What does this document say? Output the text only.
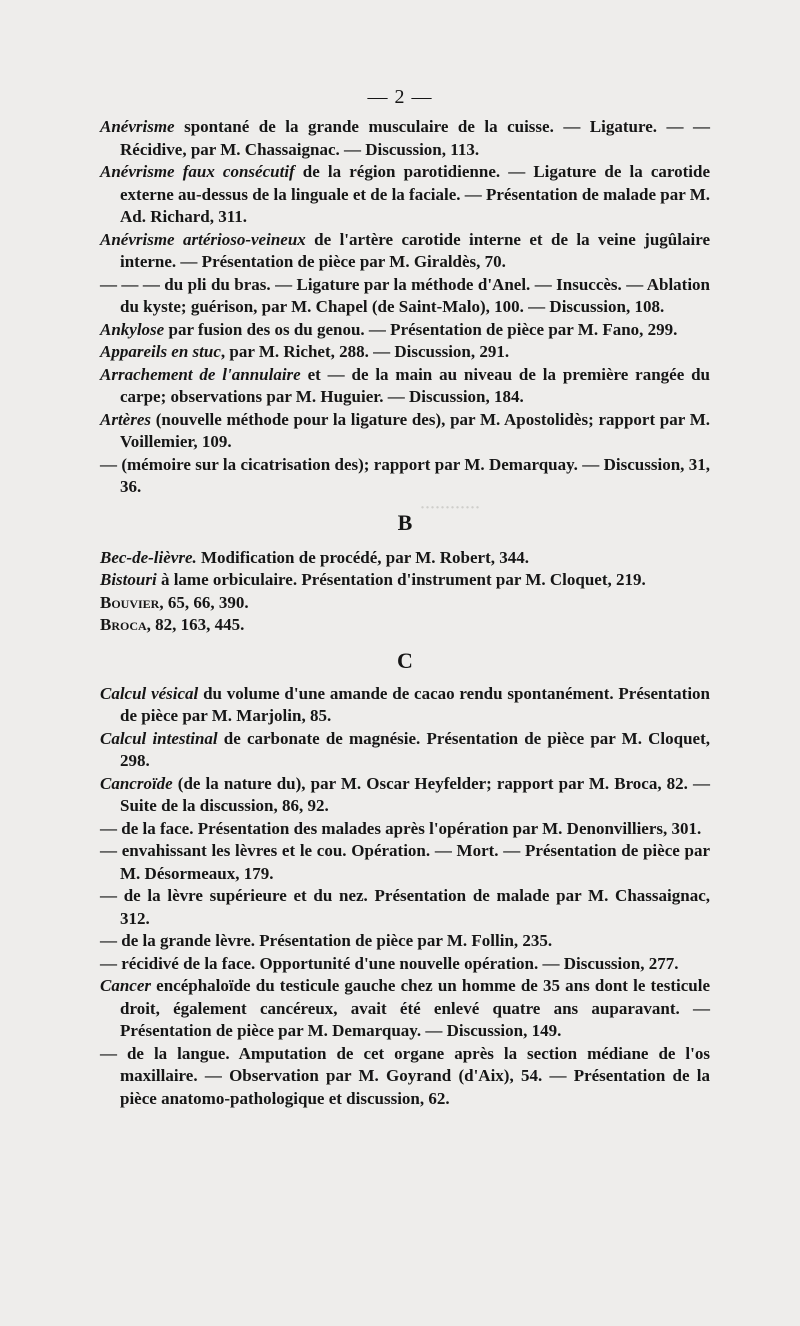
— 2 —
············

Anévrisme spontané de la grande musculaire de la cuisse. — Ligature. — — Récidive, par M. Chassaignac. — Discussion, 113.

Anévrisme faux consécutif de la région parotidienne. — Ligature de la carotide externe au-dessus de la linguale et de la faciale. — Présentation de malade par M. Ad. Richard, 311.

Anévrisme artérioso-veineux de l'artère carotide interne et de la veine jugûlaire interne. — Présentation de pièce par M. Giraldès, 70.

— — — du pli du bras. — Ligature par la méthode d'Anel. — Insuccès. — Ablation du kyste; guérison, par M. Chapel (de Saint-Malo), 100. — Discussion, 108.

Ankylose par fusion des os du genou. — Présentation de pièce par M. Fano, 299.

Appareils en stuc, par M. Richet, 288. — Discussion, 291.

Arrachement de l'annulaire et — de la main au niveau de la première rangée du carpe; observations par M. Huguier. — Discussion, 184.

Artères (nouvelle méthode pour la ligature des), par M. Apostolidès; rapport par M. Voillemier, 109.

— (mémoire sur la cicatrisation des); rapport par M. Demarquay. — Discussion, 31, 36.

B

Bec-de-lièvre. Modification de procédé, par M. Robert, 344.

Bistouri à lame orbiculaire. Présentation d'instrument par M. Cloquet, 219.

Bouvier, 65, 66, 390.

Broca, 82, 163, 445.

C

Calcul vésical du volume d'une amande de cacao rendu spontanément. Présentation de pièce par M. Marjolin, 85.

Calcul intestinal de carbonate de magnésie. Présentation de pièce par M. Cloquet, 298.

Cancroïde (de la nature du), par M. Oscar Heyfelder; rapport par M. Broca, 82. — Suite de la discussion, 86, 92.

— de la face. Présentation des malades après l'opération par M. Denonvilliers, 301.

— envahissant les lèvres et le cou. Opération. — Mort. — Présentation de pièce par M. Désormeaux, 179.

— de la lèvre supérieure et du nez. Présentation de malade par M. Chassaignac, 312.

— de la grande lèvre. Présentation de pièce par M. Follin, 235.

— récidivé de la face. Opportunité d'une nouvelle opération. — Discussion, 277.

Cancer encéphaloïde du testicule gauche chez un homme de 35 ans dont le testicule droit, également cancéreux, avait été enlevé quatre ans auparavant. — Présentation de pièce par M. Demarquay. — Discussion, 149.

— de la langue. Amputation de cet organe après la section médiane de l'os maxillaire. — Observation par M. Goyrand (d'Aix), 54. — Présentation de la pièce anatomo-pathologique et discussion, 62.
